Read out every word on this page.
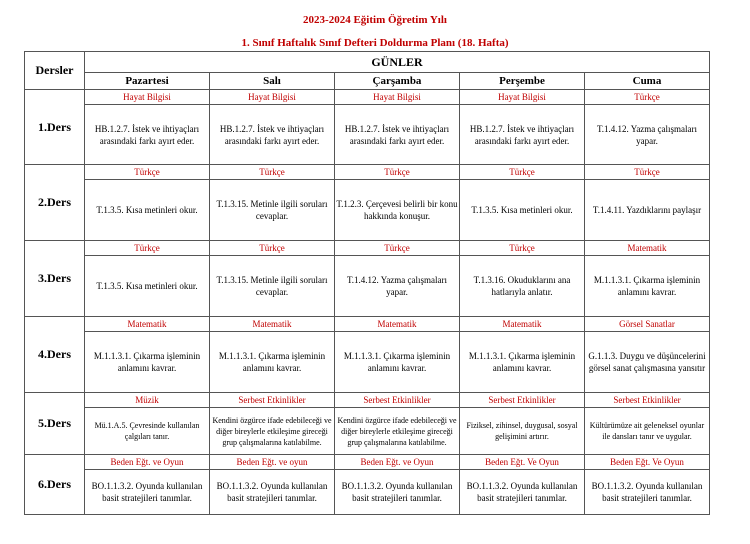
2023-2024 Eğitim Öğretim Yılı
1. Sınıf Haftalık Sınıf Defteri Doldurma Planı (18. Hafta)
Dersler	GÜNLER				
	Pazartesi	Salı	Çarşamba	Perşembe	Cuma
1.Ders	Hayat Bilgisi	Hayat Bilgisi	Hayat Bilgisi	Hayat Bilgisi	Türkçe
	HB.1.2.7. İstek ve ihtiyaçları arasındaki farkı ayırt eder.	HB.1.2.7. İstek ve ihtiyaçları arasındaki farkı ayırt eder.	HB.1.2.7. İstek ve ihtiyaçları arasındaki farkı ayırt eder.	HB.1.2.7. İstek ve ihtiyaçları arasındaki farkı ayırt eder.	T.1.4.12. Yazma çalışmaları yapar.
2.Ders	Türkçe	Türkçe	Türkçe	Türkçe	Türkçe
	T.1.3.5. Kısa metinleri okur.	T.1.3.15. Metinle ilgili soruları cevaplar.	T.1.2.3. Çerçevesi belirli bir konu hakkında konuşur.	T.1.3.5. Kısa metinleri okur.	T.1.4.11. Yazdıklarını paylaşır
3.Ders	Türkçe	Türkçe	Türkçe	Türkçe	Matematik
	T.1.3.5. Kısa metinleri okur.	T.1.3.15. Metinle ilgili soruları cevaplar.	T.1.4.12. Yazma çalışmaları yapar.	T.1.3.16. Okuduklarını ana hatlarıyla anlatır.	M.1.1.3.1. Çıkarma işleminin anlamını kavrar.
4.Ders	Matematik	Matematik	Matematik	Matematik	Görsel Sanatlar
	M.1.1.3.1. Çıkarma işleminin anlamını kavrar.	M.1.1.3.1. Çıkarma işleminin anlamını kavrar.	M.1.1.3.1. Çıkarma işleminin anlamını kavrar.	M.1.1.3.1. Çıkarma işleminin anlamını kavrar.	G.1.1.3. Duygu ve düşüncelerini görsel sanat çalışmasına yansıtır
5.Ders	Müzik	Serbest Etkinlikler	Serbest Etkinlikler	Serbest Etkinlikler	Serbest Etkinlikler
	Mü.1.A.5. Çevresinde kullanılan çalgıları tanır.	Kendini özgürce ifade edebileceği ve diğer bireylerle etkileşime gireceği grup çalışmalarına katılabilme.	Kendini özgürce ifade edebileceği ve diğer bireylerle etkileşime gireceği grup çalışmalarına katılabilme.	Fiziksel, zihinsel, duygusal, sosyal gelişimini artırır.	Kültürümüze ait geleneksel oyunlar ile dansları tanır ve uygular.
6.Ders	Beden Eğt. ve Oyun	Beden Eğt. ve oyun	Beden Eğt. ve Oyun	Beden Eğt. Ve Oyun	Beden Eğt. Ve Oyun
	BO.1.1.3.2. Oyunda kullanılan basit stratejileri tanımlar.	BO.1.1.3.2. Oyunda kullanılan basit stratejileri tanımlar.	BO.1.1.3.2. Oyunda kullanılan basit stratejileri tanımlar.	BO.1.1.3.2. Oyunda kullanılan basit stratejileri tanımlar.	BO.1.1.3.2. Oyunda kullanılan basit stratejileri tanımlar.
